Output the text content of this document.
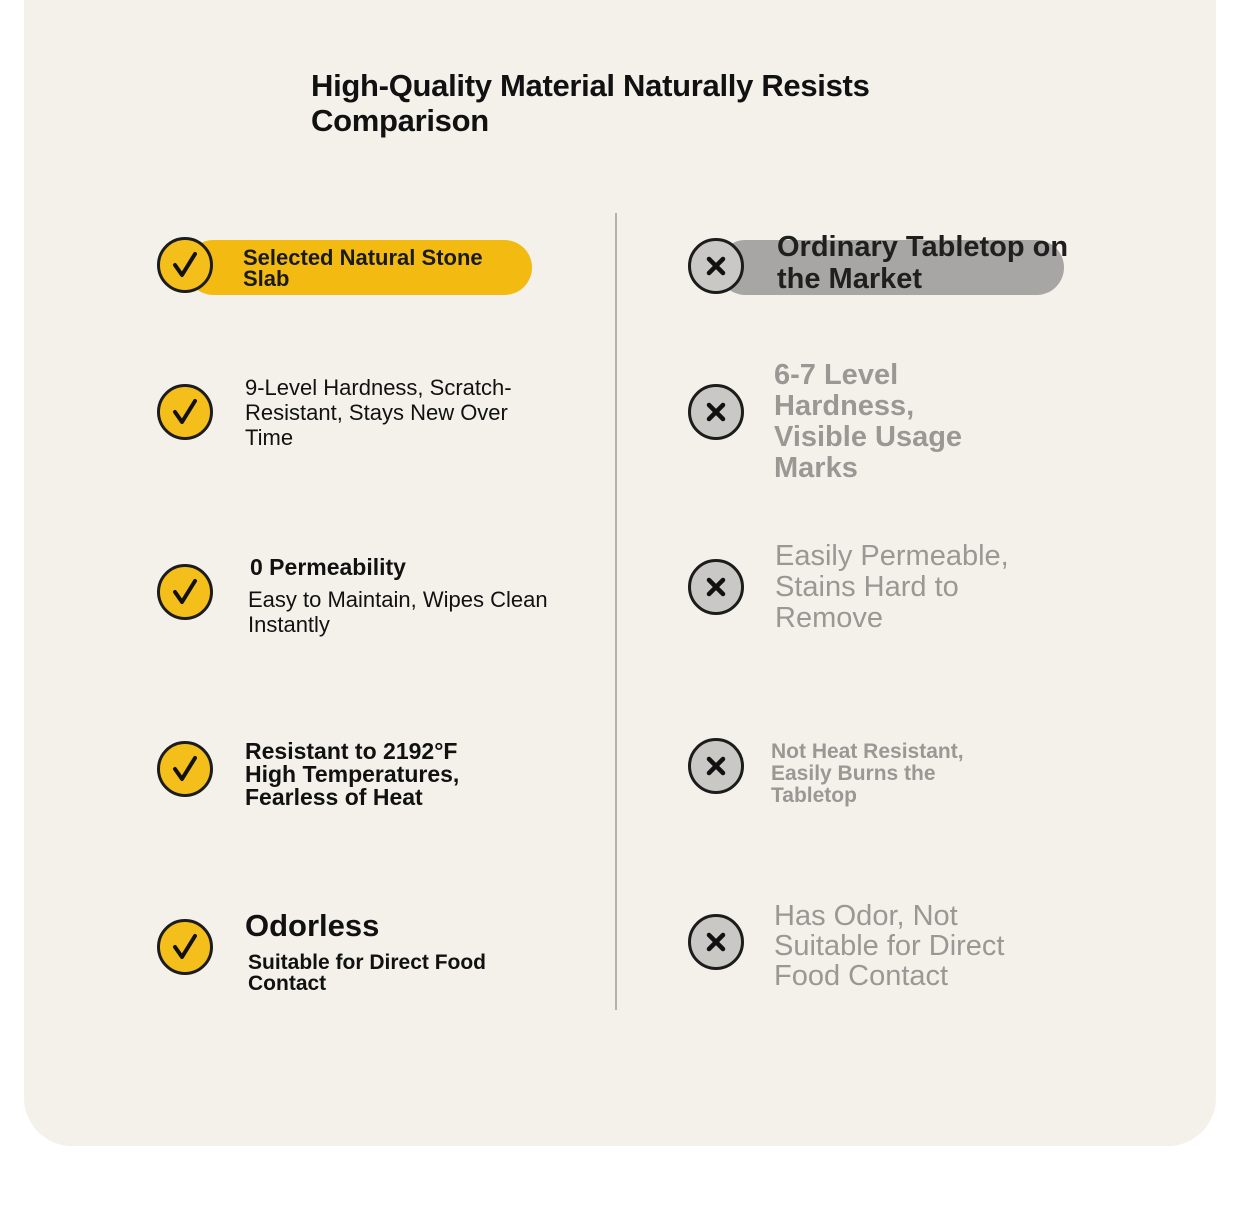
High-Quality Material Naturally Resists Comparison
Selected Natural Stone Slab
Ordinary Tabletop on the Market

9-Level Hardness, Scratch-Resistant, Stays New Over Time

0 Permeability

Easy to Maintain, Wipes Clean Instantly

Resistant to 2192°F High Temperatures, Fearless of Heat

Odorless

Suitable for Direct Food Contact

6-7 Level Hardness, Visible Usage Marks

Easily Permeable, Stains Hard to Remove

Not Heat Resistant, Easily Burns the Tabletop

Has Odor, Not Suitable for Direct Food Contact
